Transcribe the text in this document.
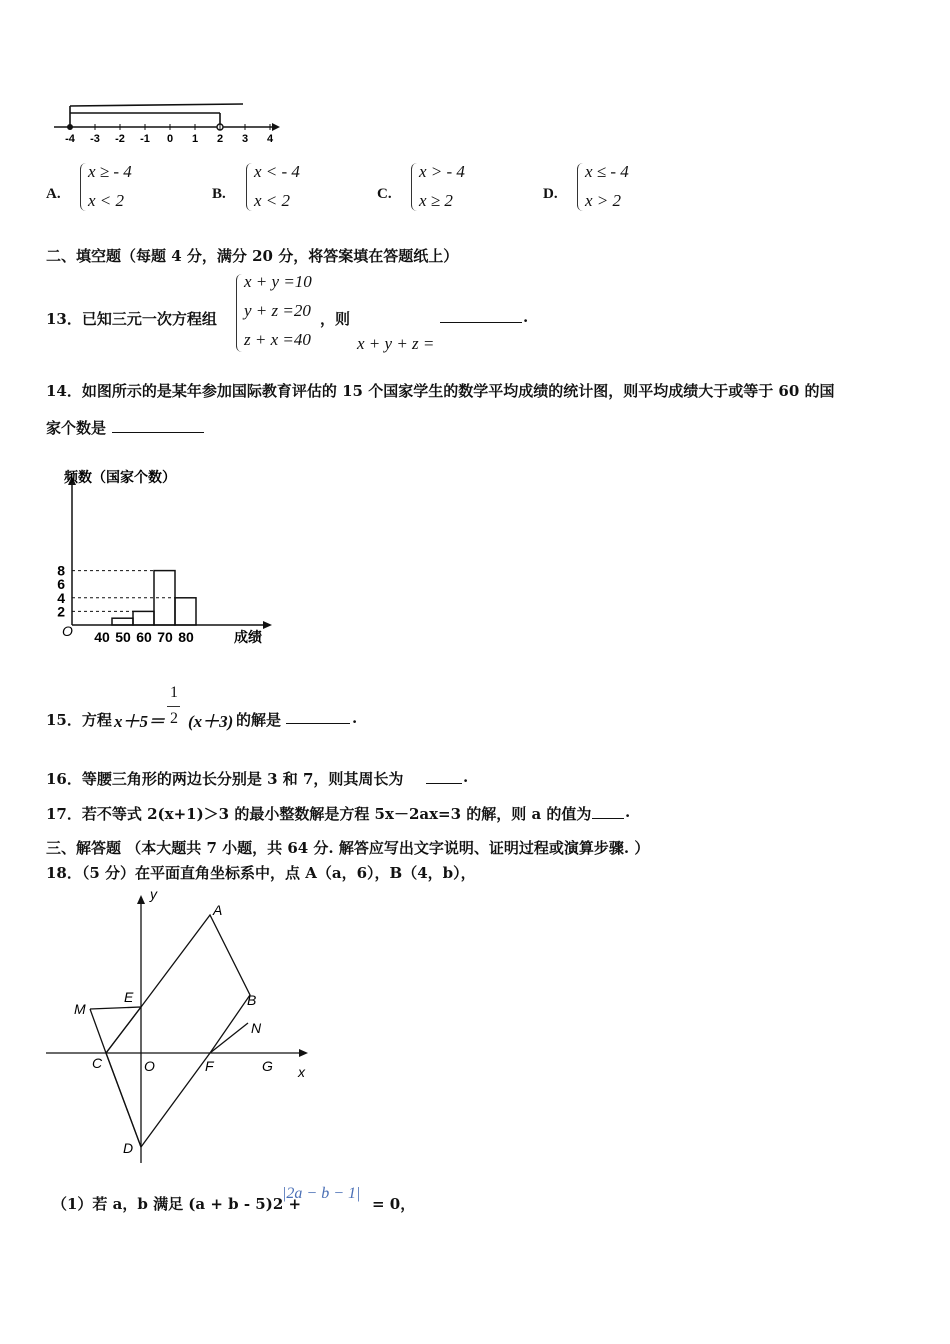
-4 -3 -2 -1 0 1 2 3 4
A.
x ≥ - 4
x < 2	B.
x < - 4
x < 2	C.
x > - 4
x ≥ 2	D.
x ≤ - 4
x > 2
二、填空题（每题 4 分，满分 20 分，将答案填在答题纸上）
13．已知三元一次方程组
x + y =10
y + z =20
z + x =40
，则
x + y + z =
.
14．如图所示的是某年参加国际教育评估的 15 个国家学生的数学平均成绩的统计图，则平均成绩大于或等于 60 的国
家个数是
频数（国家个数）
成绩
O
2
4
6
8
40 50 60 70 80
15．方程 x＋5＝
1
2 (x＋3) 的解是	.
16．等腰三角形的两边长分别是 3 和 7，则其周长为	.
17．若不等式 2(x+1)＞3 的最小整数解是方程 5x－2ax=3 的解，则 a 的值为 .
三、解答题 （本大题共 7 小题，共 64 分. 解答应写出文字说明、证明过程或演算步骤. ）
18．（5 分）在平面直角坐标系中，点 A（a，6），B（4，b），
y
x
A
B
C
D
E
F	G
M
N
O
（1）若 a，b 满足 (a + b - 5)2 +
|2a − b − 1|
= 0，
